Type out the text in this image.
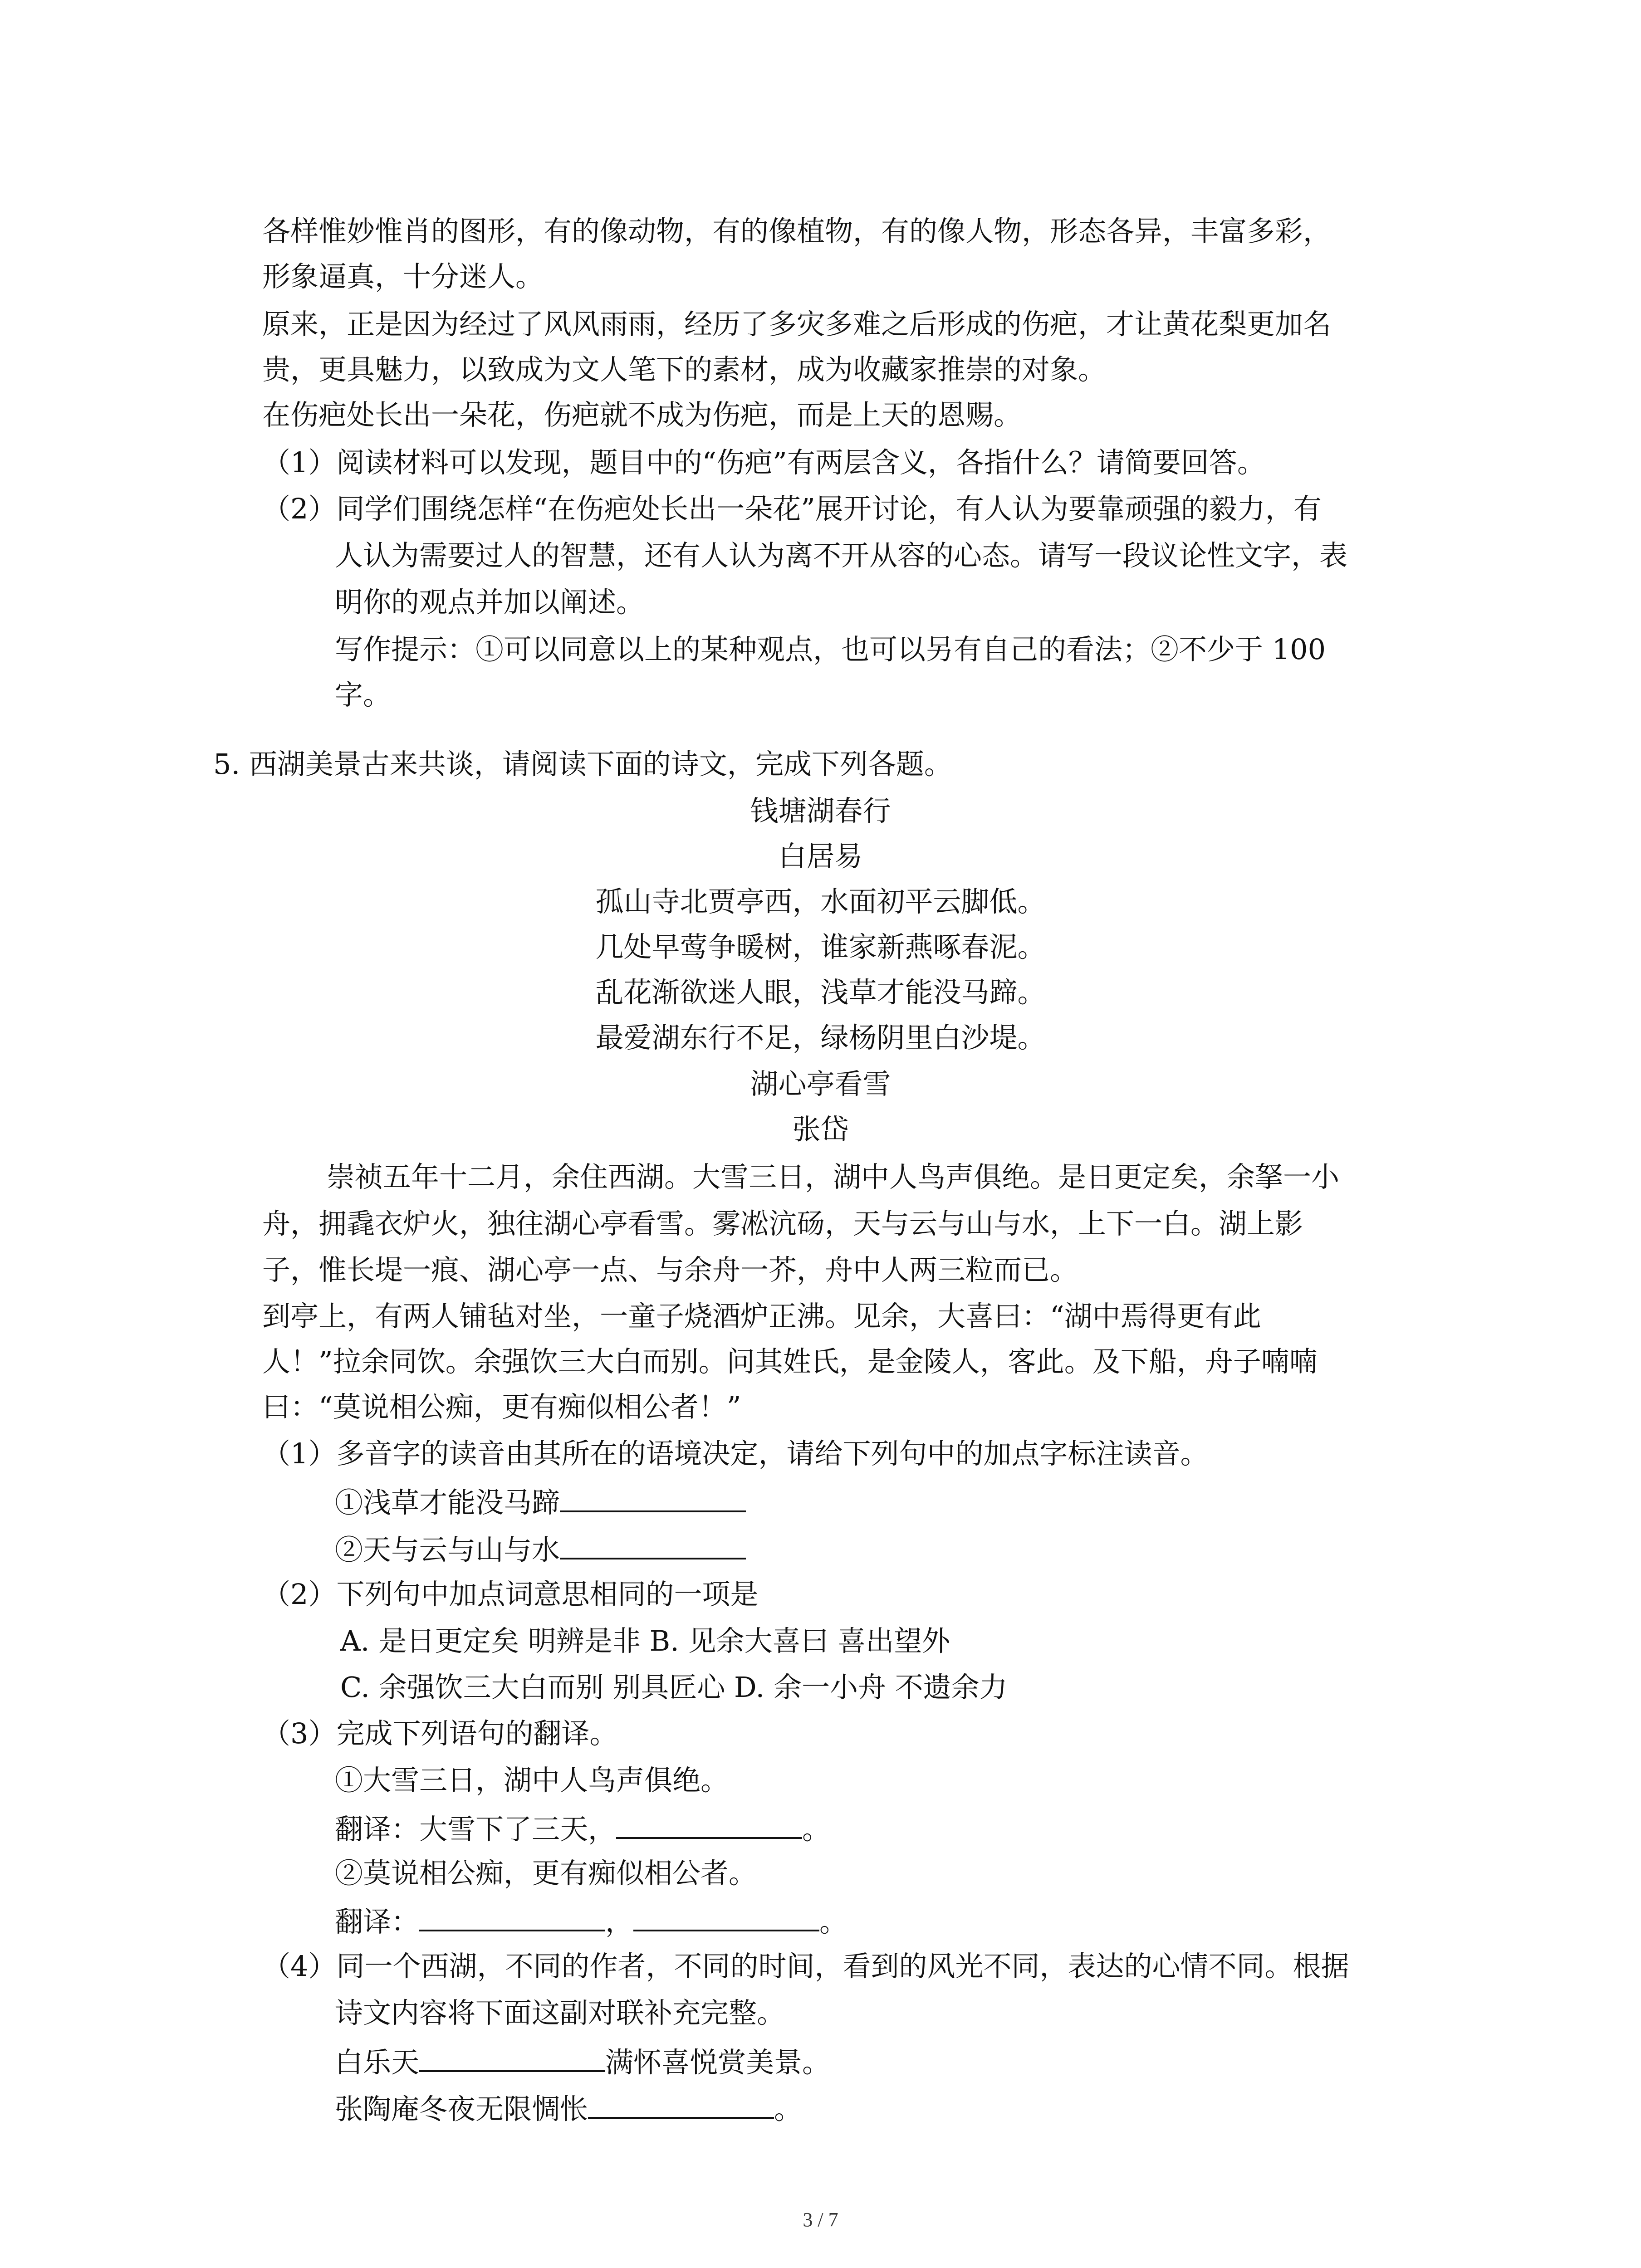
各样惟妙惟肖的图形，有的像动物，有的像植物，有的像人物，形态各异，丰富多彩，
形象逼真，十分迷人。
原来，正是因为经过了风风雨雨，经历了多灾多难之后形成的伤疤，才让黄花梨更加名
贵，更具魅力，以致成为文人笔下的素材，成为收藏家推崇的对象。
在伤疤处长出一朵花，伤疤就不成为伤疤，而是上天的恩赐。
（1）阅读材料可以发现，题目中的“伤疤”有两层含义，各指什么？请简要回答。
（2）同学们围绕怎样“在伤疤处长出一朵花”展开讨论，有人认为要靠顽强的毅力，有
人认为需要过人的智慧，还有人认为离不开从容的心态。请写一段议论性文字，表
明你的观点并加以阐述。
写作提示：①可以同意以上的某种观点，也可以另有自己的看法；②不少于 100
字。
5. 西湖美景古来共谈，请阅读下面的诗文，完成下列各题。
钱塘湖春行
白居易
孤山寺北贾亭西，水面初平云脚低。
几处早莺争暖树，谁家新燕啄春泥。
乱花渐欲迷人眼，浅草才能没马蹄。
最爱湖东行不足，绿杨阴里白沙堤。
湖心亭看雪
张岱
崇祯五年十二月，余住西湖。大雪三日，湖中人鸟声俱绝。是日更定矣，余拏一小
舟，拥毳衣炉火，独往湖心亭看雪。雾凇沆砀，天与云与山与水，上下一白。湖上影
子，惟长堤一痕、湖心亭一点、与余舟一芥，舟中人两三粒而已。
到亭上，有两人铺毡对坐，一童子烧酒炉正沸。见余，大喜曰：“湖中焉得更有此
人！”拉余同饮。余强饮三大白而别。问其姓氏，是金陵人，客此。及下船，舟子喃喃
曰：“莫说相公痴，更有痴似相公者！”
（1）多音字的读音由其所在的语境决定，请给下列句中的加点字标注读音。
①浅草才能没马蹄
②天与云与山与水
（2）下列句中加点词意思相同的一项是
A. 是日更定矣 明辨是非 B. 见余大喜曰 喜出望外
C. 余强饮三大白而别 别具匠心 D. 余一小舟 不遗余力
（3）完成下列语句的翻译。
①大雪三日，湖中人鸟声俱绝。
翻译：大雪下了三天，	。
②莫说相公痴，更有痴似相公者。
翻译：	，	。
（4）同一个西湖，不同的作者，不同的时间，看到的风光不同，表达的心情不同。根据
诗文内容将下面这副对联补充完整。
白乐天	满怀喜悦赏美景。
张陶庵冬夜无限惆怅	。
3 / 7
